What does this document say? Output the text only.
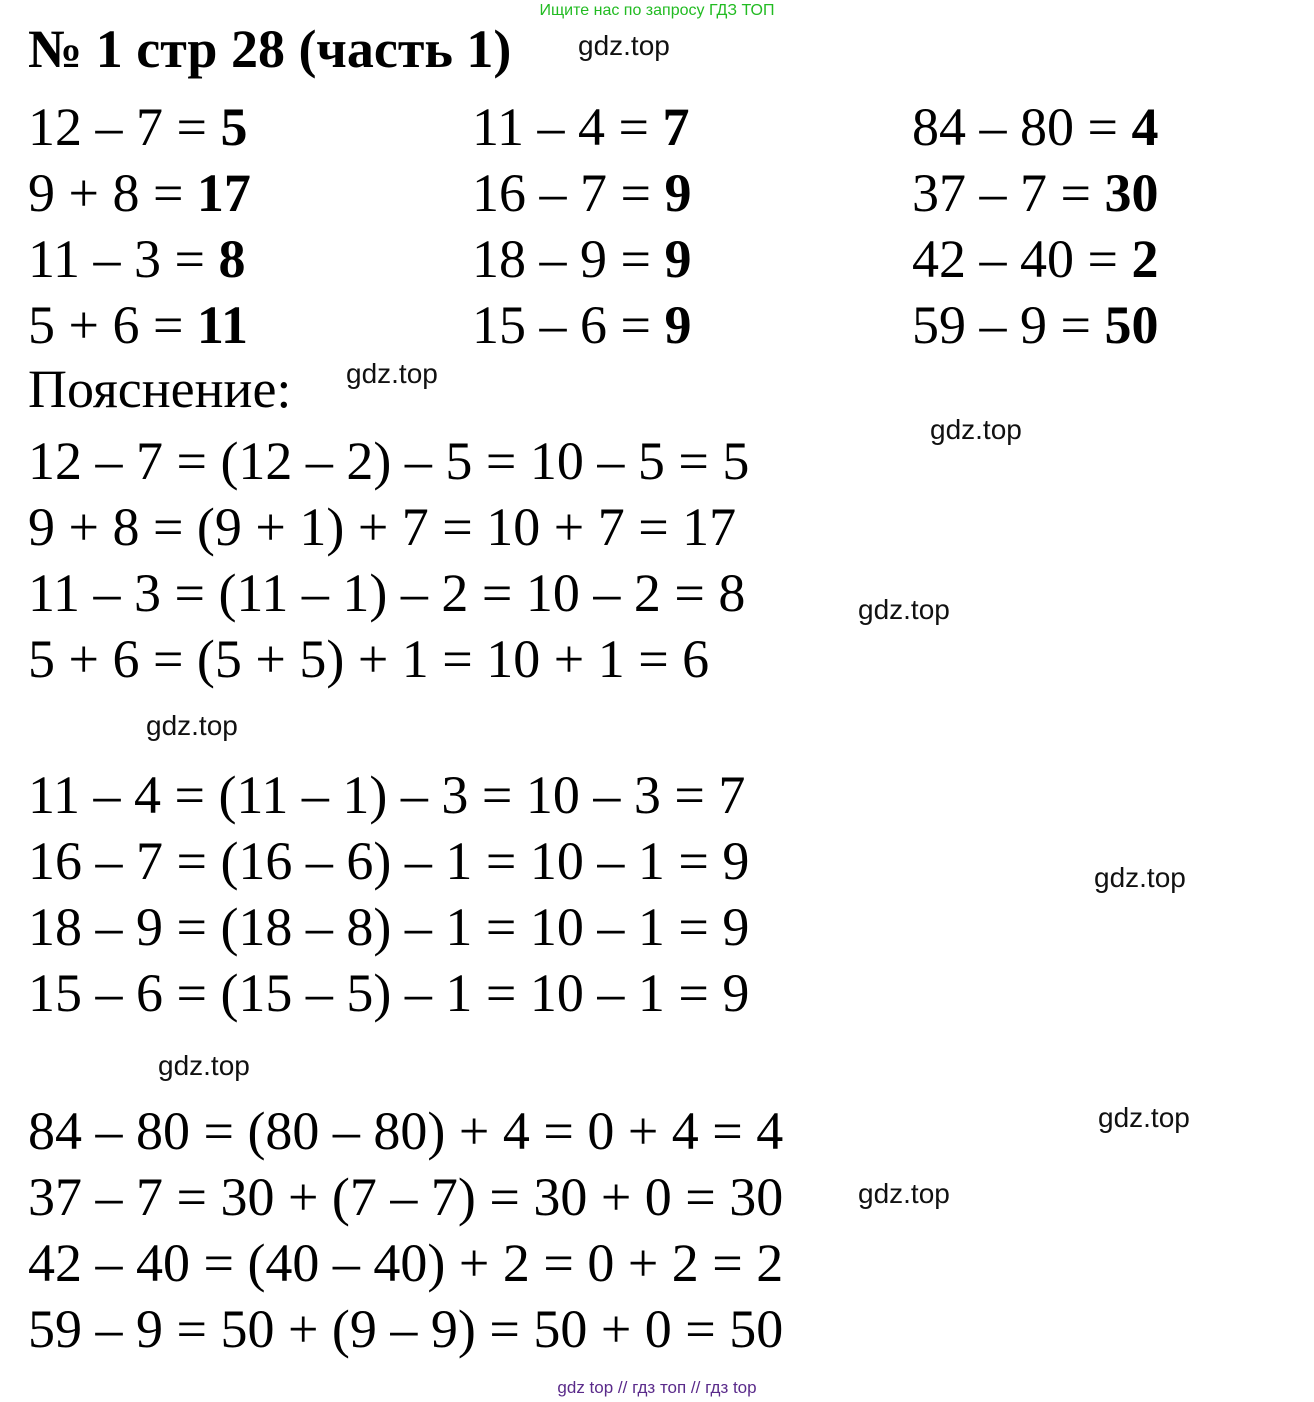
Ищите нас по запросу ГДЗ ТОП
№ 1 стр 28 (часть 1)
12 – 7 = 5	11 – 4 = 7	84 – 80 = 4
9 + 8 = 17	16 – 7 = 9	37 – 7 = 30
11 – 3 = 8	18 – 9 = 9	42 – 40 = 2
5 + 6 = 11	15 – 6 = 9	59 – 9 = 50
Пояснение:
12 – 7 = (12 – 2) – 5 = 10 – 5 = 5
9 + 8 = (9 + 1) + 7 = 10 + 7 = 17
11 – 3 = (11 – 1) – 2 = 10 – 2 = 8
5 + 6 = (5 + 5) + 1 = 10 + 1 = 6
11 – 4 = (11 – 1) – 3 = 10 – 3 = 7
16 – 7 = (16 – 6) – 1 = 10 – 1 = 9
18 – 9 = (18 – 8) – 1 = 10 – 1 = 9
15 – 6 = (15 – 5) – 1 = 10 – 1 = 9
84 – 80 = (80 – 80) + 4 = 0 + 4 = 4
37 – 7 = 30 + (7 – 7) = 30 + 0 = 30
42 – 40 = (40 – 40) + 2 = 0 + 2 = 2
59 – 9 = 50 + (9 – 9) = 50 + 0 = 50
gdz.top
gdz.top
gdz.top
gdz.top
gdz.top
gdz.top
gdz.top
gdz.top
gdz.top
gdz top // гдз топ // гдз top
